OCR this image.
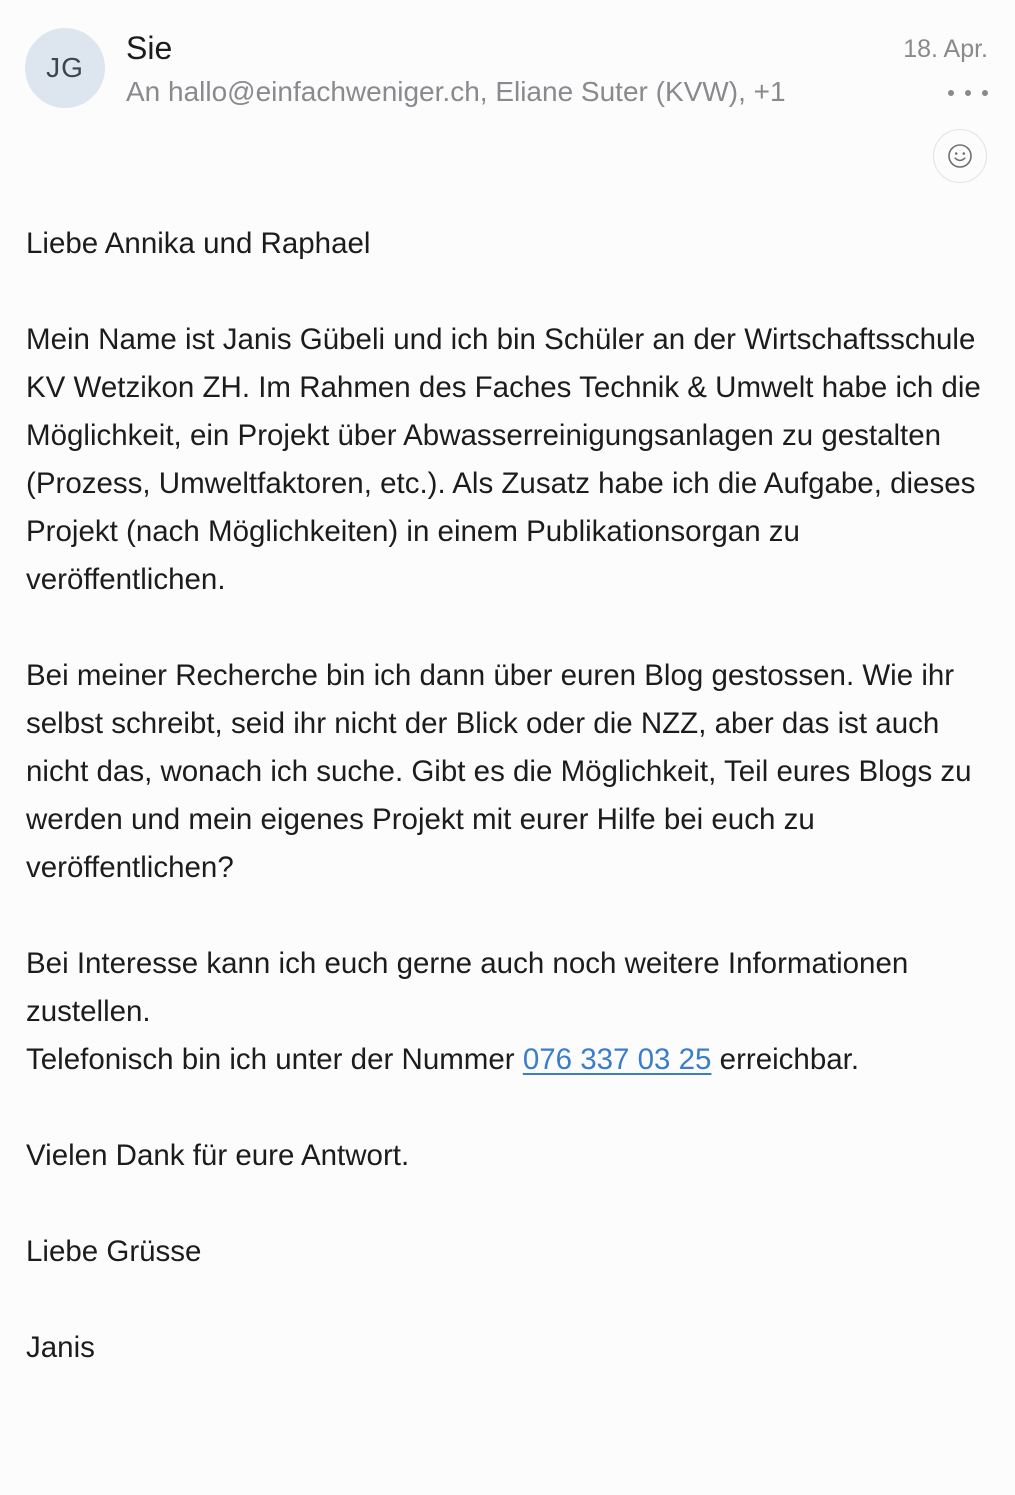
JG
Sie
An hallo@einfachweniger.ch, Eliane Suter (KVW), +1
18. Apr.

Liebe Annika und Raphael

Mein Name ist Janis Gübeli und ich bin Schüler an der Wirtschaftsschule KV Wetzikon ZH. Im Rahmen des Faches Technik & Umwelt habe ich die Möglichkeit, ein Projekt über Abwasserreinigungsanlagen zu gestalten (Prozess, Umweltfaktoren, etc.). Als Zusatz habe ich die Aufgabe, dieses Projekt (nach Möglichkeiten) in einem Publikationsorgan zu veröffentlichen.

Bei meiner Recherche bin ich dann über euren Blog gestossen. Wie ihr selbst schreibt, seid ihr nicht der Blick oder die NZZ, aber das ist auch nicht das, wonach ich suche. Gibt es die Möglichkeit, Teil eures Blogs zu werden und mein eigenes Projekt mit eurer Hilfe bei euch zu veröffentlichen?

Bei Interesse kann ich euch gerne auch noch weitere Informationen zustellen.

Telefonisch bin ich unter der Nummer 076 337 03 25 erreichbar.

Vielen Dank für eure Antwort.

Liebe Grüsse

Janis
